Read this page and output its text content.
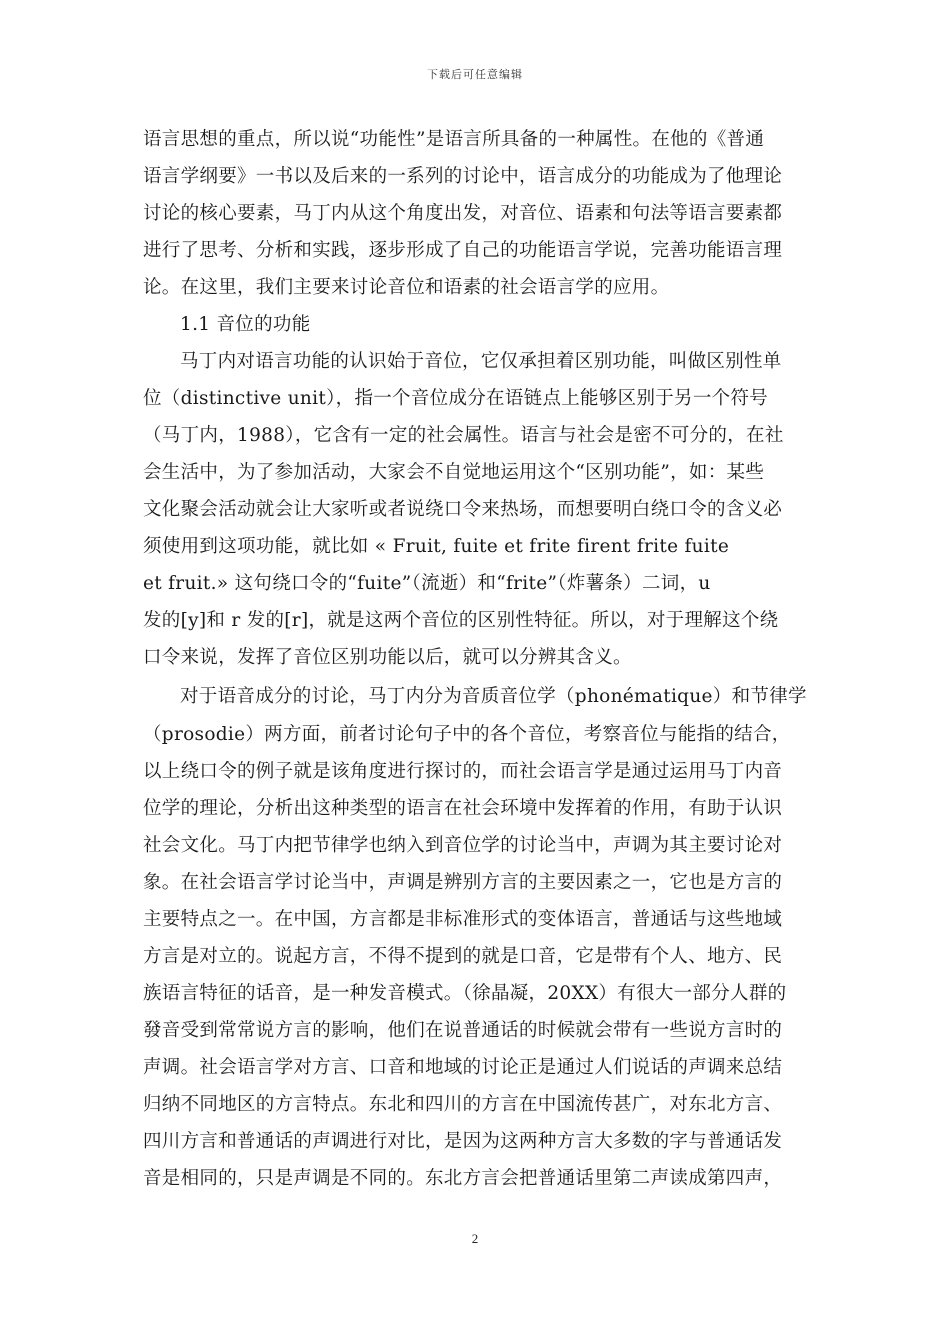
下载后可任意编辑
语言思想的重点，所以说“功能性”是语言所具备的一种属性。在他的《普通
语言学纲要》一书以及后来的一系列的讨论中，语言成分的功能成为了他理论
讨论的核心要素，马丁内从这个角度出发，对音位、语素和句法等语言要素都
进行了思考、分析和实践，逐步形成了自己的功能语言学说，完善功能语言理
论。在这里，我们主要来讨论音位和语素的社会语言学的应用。
1.1 音位的功能
马丁内对语言功能的认识始于音位，它仅承担着区别功能，叫做区别性单
位（distinctive unit），指一个音位成分在语链点上能够区别于另一个符号
（马丁内，1988），它含有一定的社会属性。语言与社会是密不可分的，在社
会生活中，为了参加活动，大家会不自觉地运用这个“区别功能”，如：某些
文化聚会活动就会让大家听或者说绕口令来热场，而想要明白绕口令的含义必
须使用到这项功能，就比如 « Fruit, fuite et frite firent frite fuite
et fruit.» 这句绕口令的“fuite”（流逝）和“frite”（炸薯条）二词，u
发的[y]和 r 发的[r]，就是这两个音位的区别性特征。所以，对于理解这个绕
口令来说，发挥了音位区别功能以后，就可以分辨其含义。
对于语音成分的讨论，马丁内分为音质音位学（phonématique）和节律学
（prosodie）两方面，前者讨论句子中的各个音位，考察音位与能指的结合，
以上绕口令的例子就是该角度进行探讨的，而社会语言学是通过运用马丁内音
位学的理论，分析出这种类型的语言在社会环境中发挥着的作用，有助于认识
社会文化。马丁内把节律学也纳入到音位学的讨论当中，声调为其主要讨论对
象。在社会语言学讨论当中，声调是辨别方言的主要因素之一，它也是方言的
主要特点之一。在中国，方言都是非标准形式的变体语言，普通话与这些地域
方言是对立的。说起方言，不得不提到的就是口音，它是带有个人、地方、民
族语言特征的话音，是一种发音模式。（徐晶凝，20XX）有很大一部分人群的
發音受到常常说方言的影响，他们在说普通话的时候就会带有一些说方言时的
声调。社会语言学对方言、口音和地域的讨论正是通过人们说话的声调来总结
归纳不同地区的方言特点。东北和四川的方言在中国流传甚广，对东北方言、
四川方言和普通话的声调进行对比，是因为这两种方言大多数的字与普通话发
音是相同的，只是声调是不同的。东北方言会把普通话里第二声读成第四声，
2
